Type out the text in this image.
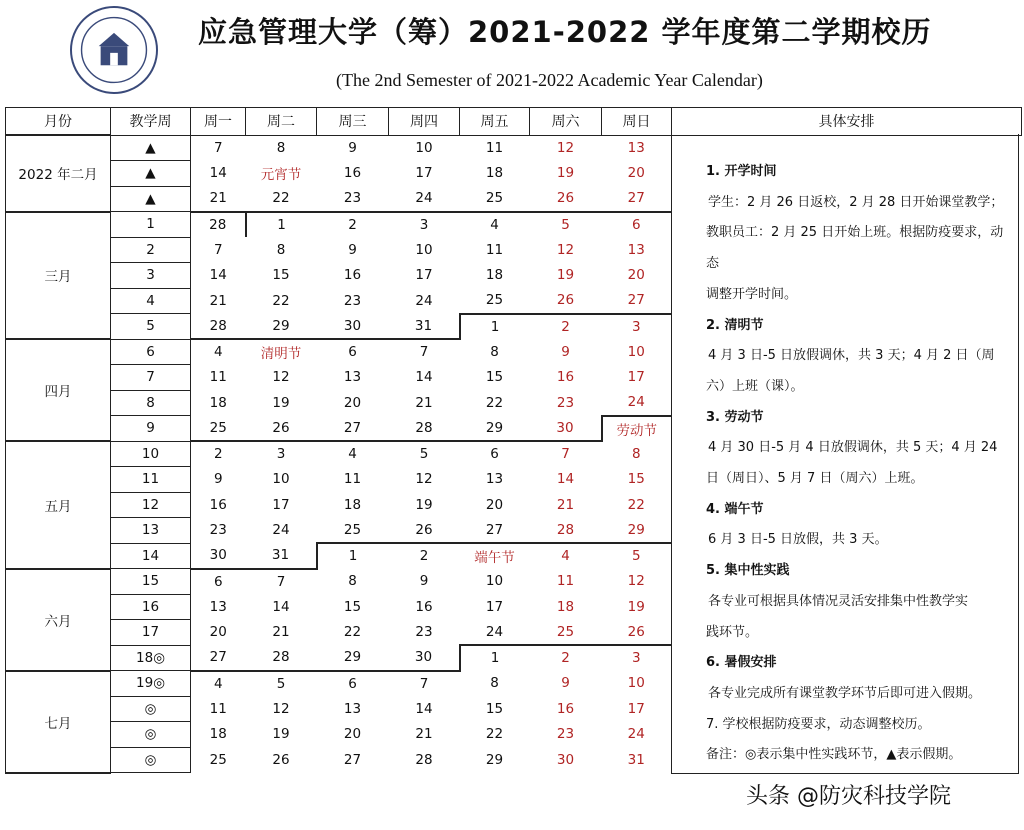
应急管理大学（筹）2021-2022 学年度第二学期校历
(The 2nd Semester of 2021-2022 Academic Year Calendar)
月份	教学周	周一	周二	周三	周四	周五	周六	周日	具体安排
2022 年二月	▲	7	8	9	10	11	12	13	
	▲	14	元宵节	16	17	18	19	20	
	▲	21	22	23	24	25	26	27	
三月	1	28	1	2	3	4	5	6	
	2	7	8	9	10	11	12	13	
	3	14	15	16	17	18	19	20	
	4	21	22	23	24	25	26	27	
	5	28	29	30	31	1	2	3	
四月	6	4	清明节	6	7	8	9	10	
	7	11	12	13	14	15	16	17	
	8	18	19	20	21	22	23	24	
	9	25	26	27	28	29	30	劳动节	
五月	10	2	3	4	5	6	7	8	
	11	9	10	11	12	13	14	15	
	12	16	17	18	19	20	21	22	
	13	23	24	25	26	27	28	29	
	14	30	31	1	2	端午节	4	5	
六月	15	6	7	8	9	10	11	12	
	16	13	14	15	16	17	18	19	
	17	20	21	22	23	24	25	26	
	18◎	27	28	29	30	1	2	3	
七月	19◎	4	5	6	7	8	9	10	
	◎	11	12	13	14	15	16	17	
	◎	18	19	20	21	22	23	24	
	◎	25	26	27	28	29	30	31	
1. 开学时间
学生：2 月 26 日返校，2 月 28 日开始课堂教学；
教职员工：2 月 25 日开始上班。根据防疫要求，动态
调整开学时间。
2. 清明节
4 月 3 日-5 日放假调休，共 3 天；4 月 2 日（周
六）上班（课）。
3. 劳动节
4 月 30 日-5 月 4 日放假调休，共 5 天；4 月 24
日（周日）、5 月 7 日（周六）上班。
4. 端午节
6 月 3 日-5 日放假，共 3 天。
5. 集中性实践
各专业可根据具体情况灵活安排集中性教学实
践环节。
6. 暑假安排
各专业完成所有课堂教学环节后即可进入假期。
7. 学校根据防疫要求，动态调整校历。
备注：◎表示集中性实践环节，▲表示假期。
头条 @防灾科技学院
